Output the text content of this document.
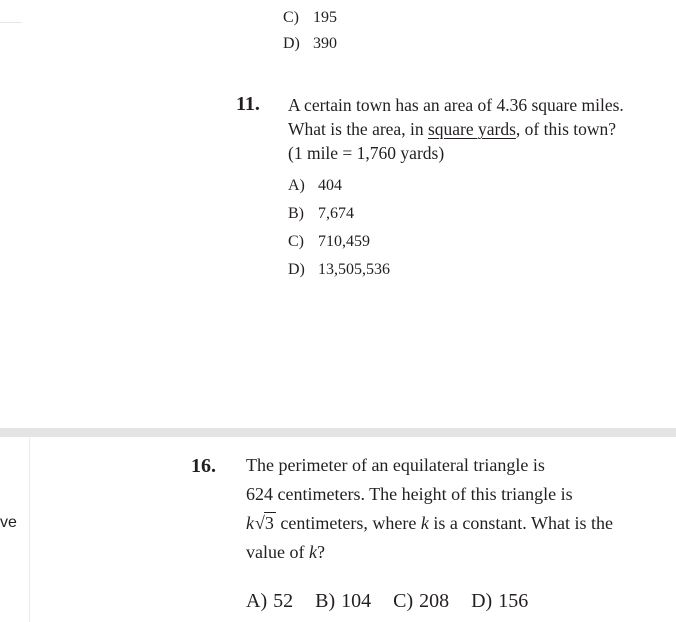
C) 195
D) 390
11. A certain town has an area of 4.36 square miles.
What is the area, in square yards, of this town?
(1 mile = 1,760 yards)
A) 404
B) 7,674
C) 710,459
D) 13,505,536
ve
16. The perimeter of an equilateral triangle is
624 centimeters. The height of this triangle is
k√3 centimeters, where k is a constant. What is the
value of k?
A) 52 B) 104 C) 208 D) 156
